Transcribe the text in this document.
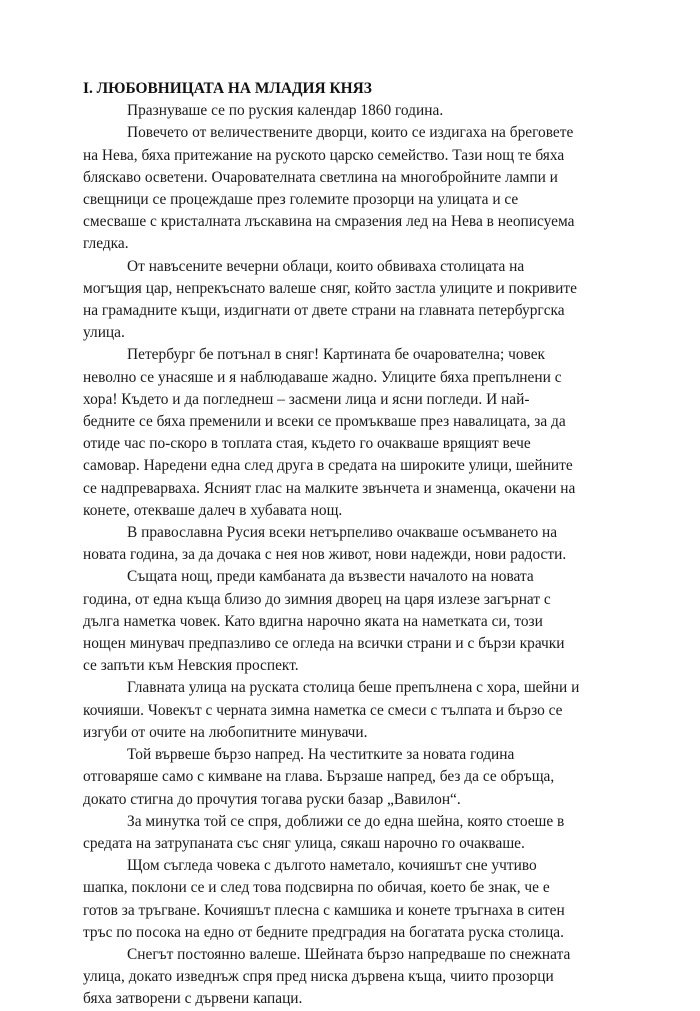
I. ЛЮБОВНИЦАТА НА МЛАДИЯ КНЯЗ

Празнуваше се по руския календар 1860 година.

Повечето от величествените дворци, които се издигаха на бреговете
на Нева, бяха притежание на руското царско семейство. Тази нощ те бяха
бляскаво осветени. Очарователната светлина на многобройните лампи и
свещници се процеждаше през големите прозорци на улицата и се
смесваше с кристалната лъскавина на смразения лед на Нева в неописуема
гледка.

От навъсените вечерни облаци, които обвиваха столицата на
могъщия цар, непрекъснато валеше сняг, който застла улиците и покривите
на грамадните къщи, издигнати от двете страни на главната петербургска
улица.

Петербург бе потънал в сняг! Картината бе очарователна; човек
неволно се унасяше и я наблюдаваше жадно. Улиците бяха препълнени с
хора! Където и да погледнеш – засмени лица и ясни погледи. И най-
бедните се бяха пременили и всеки се промъкваше през навалицата, за да
отиде час по-скоро в топлата стая, където го очакваше врящият вече
самовар. Наредени една след друга в средата на широките улици, шейните
се надпреварваха. Ясният глас на малките звънчета и знаменца, окачени на
конете, отекваше далеч в хубавата нощ.

В православна Русия всеки нетърпеливо очакваше осъмването на
новата година, за да дочака с нея нов живот, нови надежди, нови радости.

Същата нощ, преди камбаната да възвести началото на новата
година, от една къща близо до зимния дворец на царя излезе загърнат с
дълга наметка човек. Като вдигна нарочно яката на наметката си, този
нощен минувач предпазливо се огледа на всички страни и с бързи крачки
се запъти към Невския проспект.

Главната улица на руската столица беше препълнена с хора, шейни и
кочияши. Човекът с черната зимна наметка се смеси с тълпата и бързо се
изгуби от очите на любопитните минувачи.

Той вървеше бързо напред. На честитките за новата година
отговаряше само с кимване на глава. Бързаше напред, без да се обръща,
докато стигна до прочутия тогава руски базар „Вавилон“.

За минутка той се спря, доближи се до една шейна, която стоеше в
средата на затрупаната със сняг улица, сякаш нарочно го очакваше.

Щом съгледа човека с дългото наметало, кочияшът сне учтиво
шапка, поклони се и след това подсвирна по обичая, което бе знак, че е
готов за тръгване. Кочияшът плесна с камшика и конете тръгнаха в ситен
тръс по посока на едно от бедните предградия на богатата руска столица.

Снегът постоянно валеше. Шейната бързо напредваше по снежната
улица, докато изведнъж спря пред ниска дървена къща, чиито прозорци
бяха затворени с дървени капаци.
